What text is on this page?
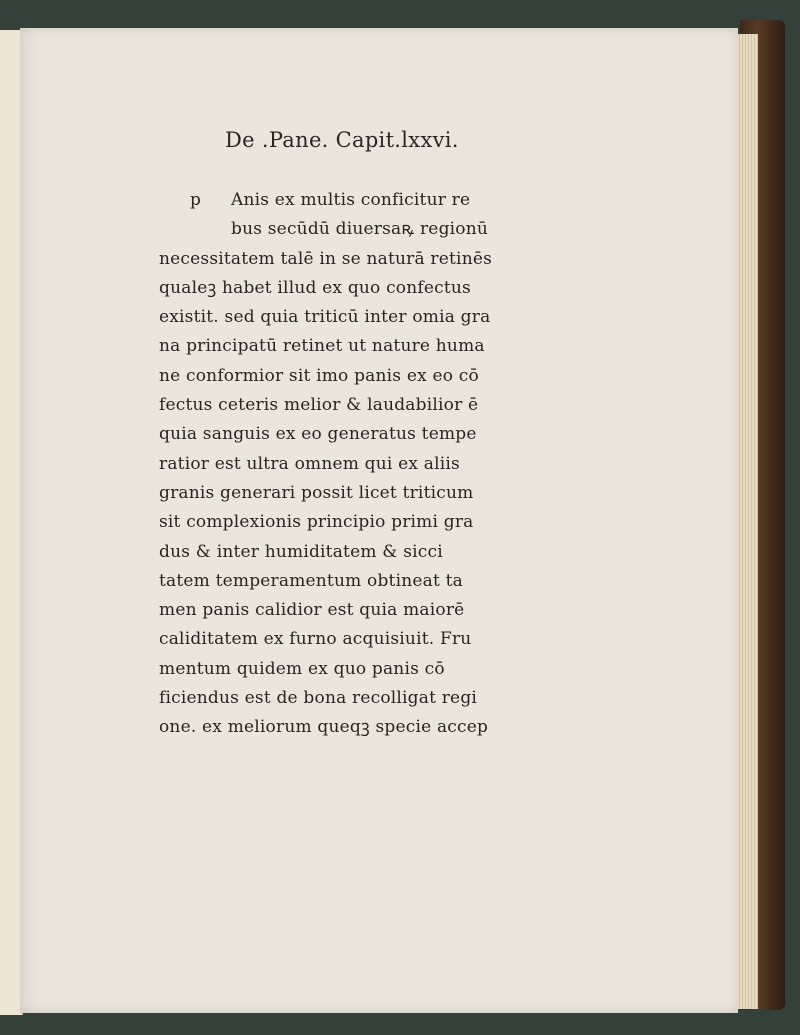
De .Pane. Capit.lxxvi.
p	Anis ex multis conficitur re
bus secūdū diuersaꝶ regionū
necessitatem talē in se naturā retinēs
qualeꝫ habet illud ex quo confectus
existit. sed quia triticū inter omia gra
na principatū retinet ut nature huma
ne conformior sit imo panis ex eo cō
fectus ceteris melior & laudabilior ē
quia sanguis ex eo generatus tempe
ratior est ultra omnem qui ex aliis
granis generari possit licet triticum
sit complexionis principio primi gra
dus & inter humiditatem & sicci
tatem temperamentum obtineat ta
men panis calidior est quia maiorē
caliditatem ex furno acquisiuit. Fru
mentum quidem ex quo panis cō
ficiendus est de bona recolligat regi
one. ex meliorum queqꝫ specie accep
